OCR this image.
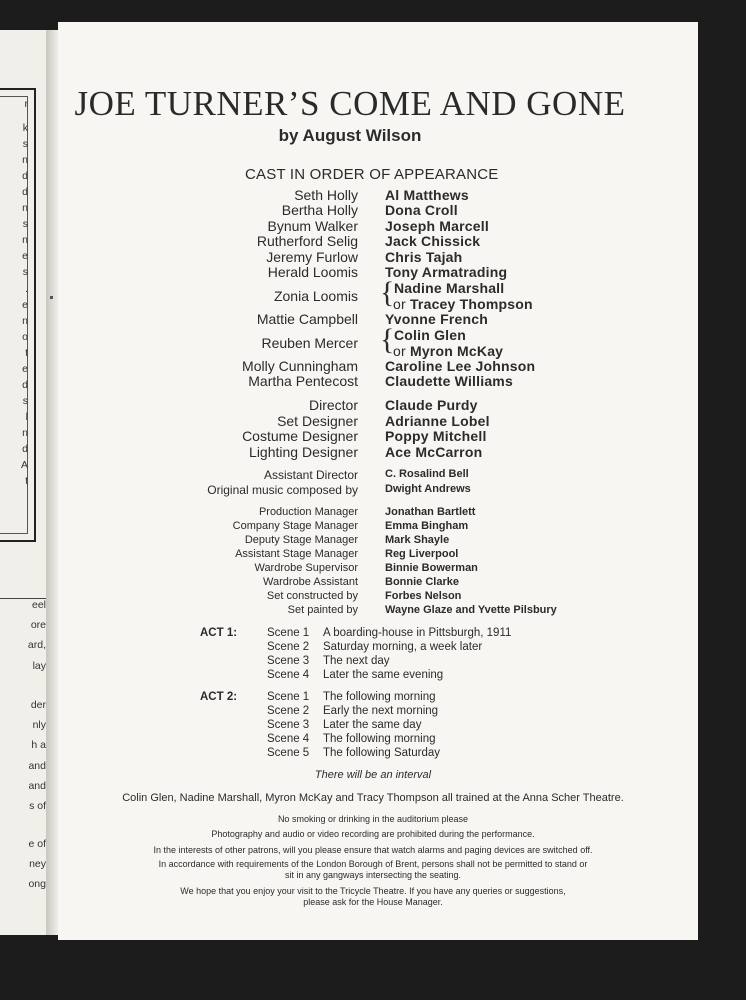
r
k
s
n
d
d
n
s
n
e
s
.
e
n
o
t
e
d
s
l
n
d
A
t
eel
ore
ard,
lay
der
nly
h a
and
and
s of
e of
ney
ong
JOE TURNER’S COME AND GONE
by August Wilson
CAST IN ORDER OF APPEARANCE
Seth Holly Al Matthews
Bertha Holly Dona Croll
Bynum Walker Joseph Marcell
Rutherford Selig Jack Chissick
Jeremy Furlow Chris Tajah
Herald Loomis Tony Armatrading
Zonia Loomis { Nadine Marshall
or Tracey Thompson
Mattie Campbell Yvonne French
Reuben Mercer { Colin Glen
or Myron McKay
Molly Cunningham Caroline Lee Johnson
Martha Pentecost Claudette Williams
Director Claude Purdy
Set Designer Adrianne Lobel
Costume Designer Poppy Mitchell
Lighting Designer Ace McCarron
Assistant Director C. Rosalind Bell
Original music composed by Dwight Andrews
Production Manager Jonathan Bartlett
Company Stage Manager Emma Bingham
Deputy Stage Manager Mark Shayle
Assistant Stage Manager Reg Liverpool
Wardrobe Supervisor Binnie Bowerman
Wardrobe Assistant Bonnie Clarke
Set constructed by Forbes Nelson
Set painted by Wayne Glaze and Yvette Pilsbury
ACT 1:	Scene 1 A boarding-house in Pittsburgh, 1911
Scene 2 Saturday morning, a week later
Scene 3 The next day
Scene 4 Later the same evening
ACT 2:	Scene 1 The following morning
Scene 2 Early the next morning
Scene 3 Later the same day
Scene 4 The following morning
Scene 5 The following Saturday
There will be an interval
Colin Glen, Nadine Marshall, Myron McKay and Tracy Thompson all trained at the Anna Scher Theatre.
No smoking or drinking in the auditorium please
Photography and audio or video recording are prohibited during the performance.
In the interests of other patrons, will you please ensure that watch alarms and paging devices are switched off.
In accordance with requirements of the London Borough of Brent, persons shall not be permitted to stand or
sit in any gangways intersecting the seating.
We hope that you enjoy your visit to the Tricycle Theatre. If you have any queries or suggestions,
please ask for the House Manager.
